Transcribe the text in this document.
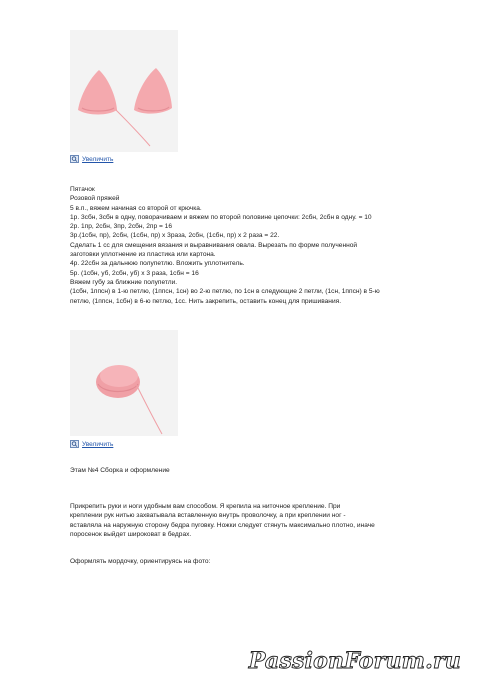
Увеличить

Пятачок

Розовой пряжей

5 в.п., вяжем начиная со второй от крючка.

1р. 3сбн, 3сбн в одну, поворачиваем и вяжем по второй половине цепочки: 2сбн, 2сбн в одну. = 10

2р. 1пр, 2сбн, 3пр, 2сбн, 2пр = 16

3р.(1сбн, пр), 2сбн, (1сбн, пр) х 3раза, 2сбн, (1сбн, пр) х 2 раза = 22.

Сделать 1 сс для смещения вязания и выравнивания овала. Вырезать по форме полученной

заготовки уплотнение из пластика или картона.

4р. 22сбн за дальнюю полупетлю. Вложить уплотнитель.

5р. (1сбн, уб, 2сбн, уб) х 3 раза, 1сбн = 16

Вяжем губу за ближние полупетли.

(1сбн, 1ппсн) в 1-ю петлю, (1ппсн, 1сн) во 2-ю петлю, по 1сн в следующие 2 петли, (1сн, 1ппсн) в 5-ю

петлю, (1ппсн, 1сбн) в 6-ю петлю, 1сс. Нить закрепить, оставить конец для пришивания.

Увеличить

Этам №4 Сборка и оформление

Прикрепить руки и ноги удобным вам способом. Я крепила на ниточное крепление. При

креплении рук нитью захватывала вставленную внутрь проволочку, а при креплении ног -

вставляла на наружную сторону бедра пуговку. Ножки следует стянуть максимально плотно, иначе

поросенок выйдет широковат в бедрах.

Оформлять мордочку, ориентируясь на фото:

PassionForum.ru
